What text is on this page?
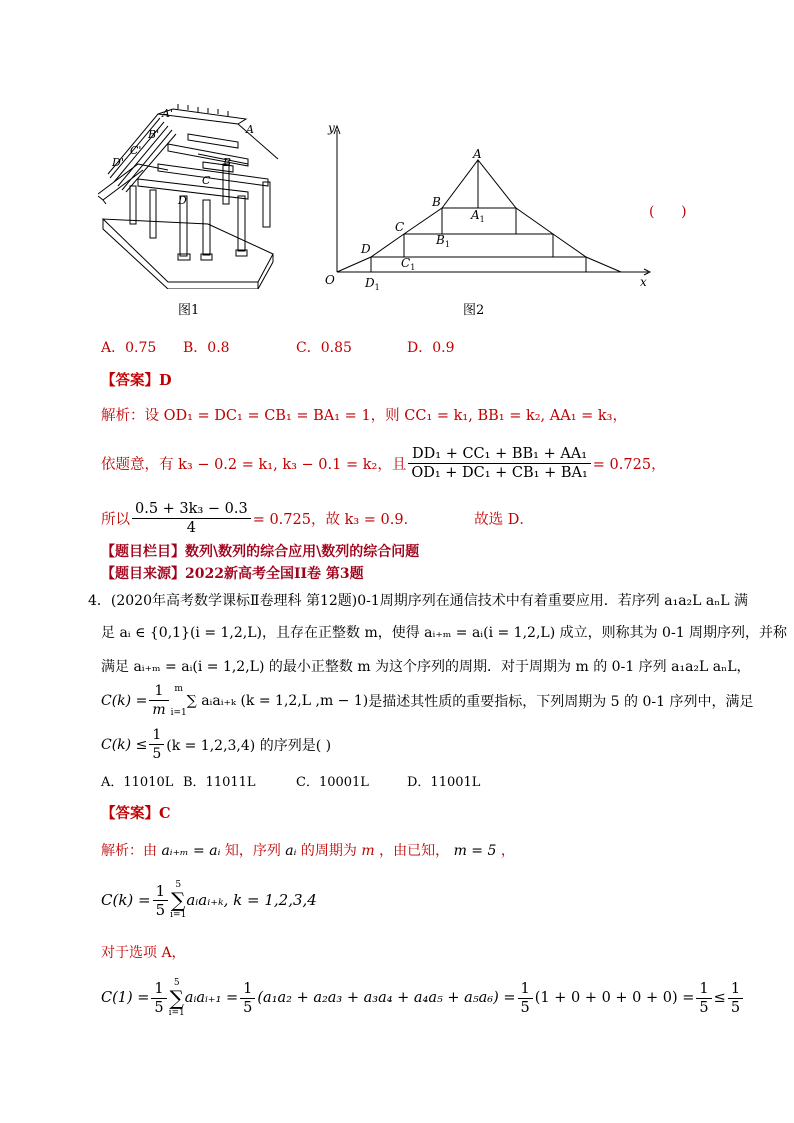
A'
A
B'
C'
D'	B
C
D
图1
y
x
O
A
B
C
D
$A_1$
$B_1$
$C_1$
$D_1$
图2
(      )
A．0.75 B．0.8	C．0.85	D．0.9
【答案】D
解析：设 OD₁ = DC₁ = CB₁ = BA₁ = 1，则 CC₁ = k₁, BB₁ = k₂, AA₁ = k₃，
依题意，有 k₃ − 0.2 = k₁, k₃ − 0.1 = k₂，且 $\frac{\text{DD₁ + CC₁ + BB₁ + AA₁}}{\text{OD₁ + DC₁ + CB₁ + BA₁}} = 0.725$，
所以 $\frac{\text{0.5 + 3k₃ − 0.3}}{4} = 0.725$，故 k₃ = 0.9．	故选 D．
【题目栏目】数列\数列的综合应用\数列的综合问题
【题目来源】2022新高考全国II卷 第3题
4．(2020年高考数学课标Ⅱ卷理科 第12题)0-1周期序列在通信技术中有着重要应用．若序列 a₁a₂L aₙL 满
足 aᵢ ∈ {0,1}(i = 1,2,L)，且存在正整数 m，使得 aᵢ₊ₘ = aᵢ(i = 1,2,L) 成立，则称其为 0-1 周期序列，并称
满足 aᵢ₊ₘ = aᵢ(i = 1,2,L) 的最小正整数 m 为这个序列的周期．对于周期为 m 的 0-1 序列 a₁a₂L aₙL，
$C(k) = \frac{1}{m}$ m
i=1
∑ aᵢaᵢ₊ₖ (k = 1,2,L ,m − 1) 是描述其性质的重要指标，下列周期为 5 的 0-1 序列中，满足
$C(k) \le \frac{1}{5} (k = 1,2,3,4)$ 的序列是( )
A．11010L B．11011L	C．10001L	D．11001L
【答案】C
解析：由 aᵢ₊ₘ = aᵢ 知，序列 aᵢ 的周期为 m ，由已知， m = 5 ，
$C(k) = \frac{1}{5} 5$
∑
i=1
aᵢaᵢ₊ₖ, k = 1,2,3,4
对于选项 A，
$C(1) = \frac{1}{5} 5$
∑
i=1
aᵢaᵢ₊₁ = $\frac{1}{5} (a_1a_2 + a_2a_3 + a_3a_4 + a_4a_5 + a_5a_6) = \frac{1}{5} (1 + 0 + 0 + 0 + 0) = \frac{1}{5} \le \frac{1}{5}$
